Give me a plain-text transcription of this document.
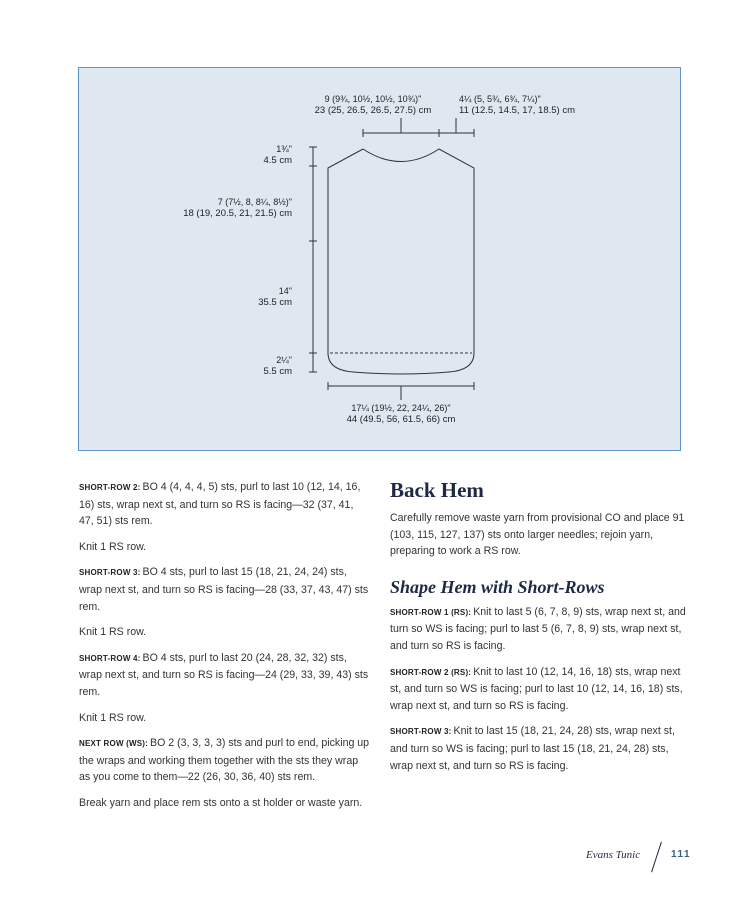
9 (9¾, 10½, 10½, 10¾)"
23 (25, 26.5, 26.5, 27.5) cm
4¼ (5, 5¾, 6¾, 7¼)"
11 (12.5, 14.5, 17, 18.5) cm
1¾"
4.5 cm
7 (7½, 8, 8¼, 8½)"
18 (19, 20.5, 21, 21.5) cm
14"
35.5 cm
2¼"
5.5 cm
17¼ (19½, 22, 24¼, 26)"
44 (49.5, 56, 61.5, 66) cm

SHORT-ROW 2: BO 4 (4, 4, 4, 5) sts, purl to last 10 (12, 14, 16, 16) sts, wrap next st, and turn so RS is facing—32 (37, 41, 47, 51) sts rem.

Knit 1 RS row.

SHORT-ROW 3: BO 4 sts, purl to last 15 (18, 21, 24, 24) sts, wrap next st, and turn so RS is facing—28 (33, 37, 43, 47) sts rem.

Knit 1 RS row.

SHORT-ROW 4: BO 4 sts, purl to last 20 (24, 28, 32, 32) sts, wrap next st, and turn so RS is facing—24 (29, 33, 39, 43) sts rem.

Knit 1 RS row.

NEXT ROW (WS): BO 2 (3, 3, 3, 3) sts and purl to end, picking up the wraps and working them together with the sts they wrap as you come to them—22 (26, 30, 36, 40) sts rem.

Break yarn and place rem sts onto a st holder or waste yarn.

Back Hem

Carefully remove waste yarn from provisional CO and place 91 (103, 115, 127, 137) sts onto larger needles; rejoin yarn, preparing to work a RS row.

Shape Hem with Short-Rows

SHORT-ROW 1 (RS): Knit to last 5 (6, 7, 8, 9) sts, wrap next st, and turn so WS is facing; purl to last 5 (6, 7, 8, 9) sts, wrap next st, and turn so RS is facing.

SHORT-ROW 2 (RS): Knit to last 10 (12, 14, 16, 18) sts, wrap next st, and turn so WS is facing; purl to last 10 (12, 14, 16, 18) sts, wrap next st, and turn so RS is facing.

SHORT-ROW 3: Knit to last 15 (18, 21, 24, 28) sts, wrap next st, and turn so WS is facing; purl to last 15 (18, 21, 24, 28) sts, wrap next st, and turn so RS is facing.

Evans Tunic	111
